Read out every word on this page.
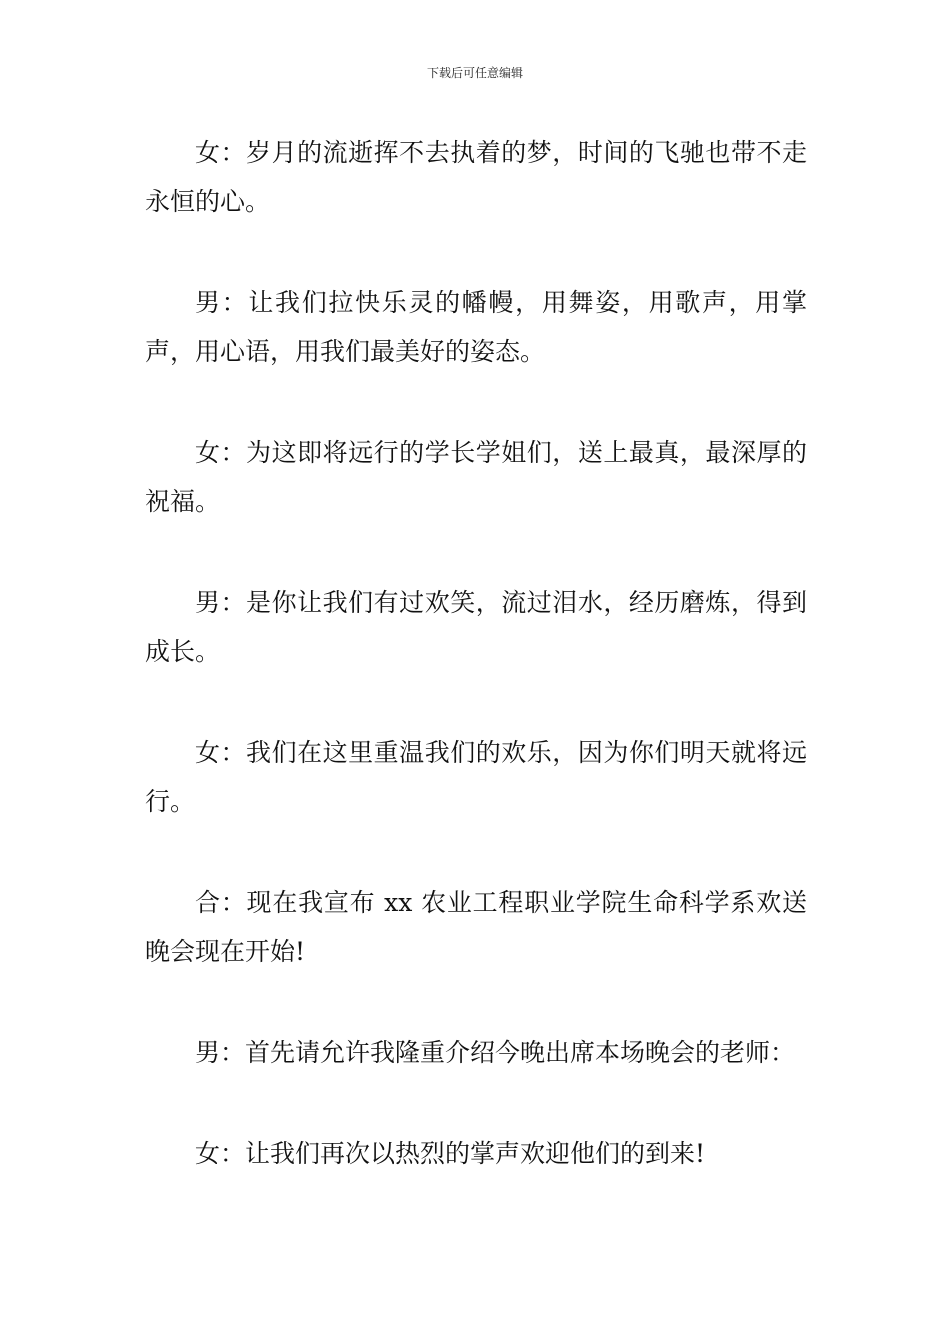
下载后可任意编辑

女：岁月的流逝挥不去执着的梦，时间的飞驰也带不走永恒的心。

男：让我们拉快乐灵的幡幔，用舞姿，用歌声，用掌声，用心语，用我们最美好的姿态。

女：为这即将远行的学长学姐们，送上最真，最深厚的祝福。

男：是你让我们有过欢笑，流过泪水，经历磨炼，得到成长。

女：我们在这里重温我们的欢乐，因为你们明天就将远行。

合：现在我宣布 xx 农业工程职业学院生命科学系欢送晚会现在开始!

男：首先请允许我隆重介绍今晚出席本场晚会的老师：

女：让我们再次以热烈的掌声欢迎他们的到来!
